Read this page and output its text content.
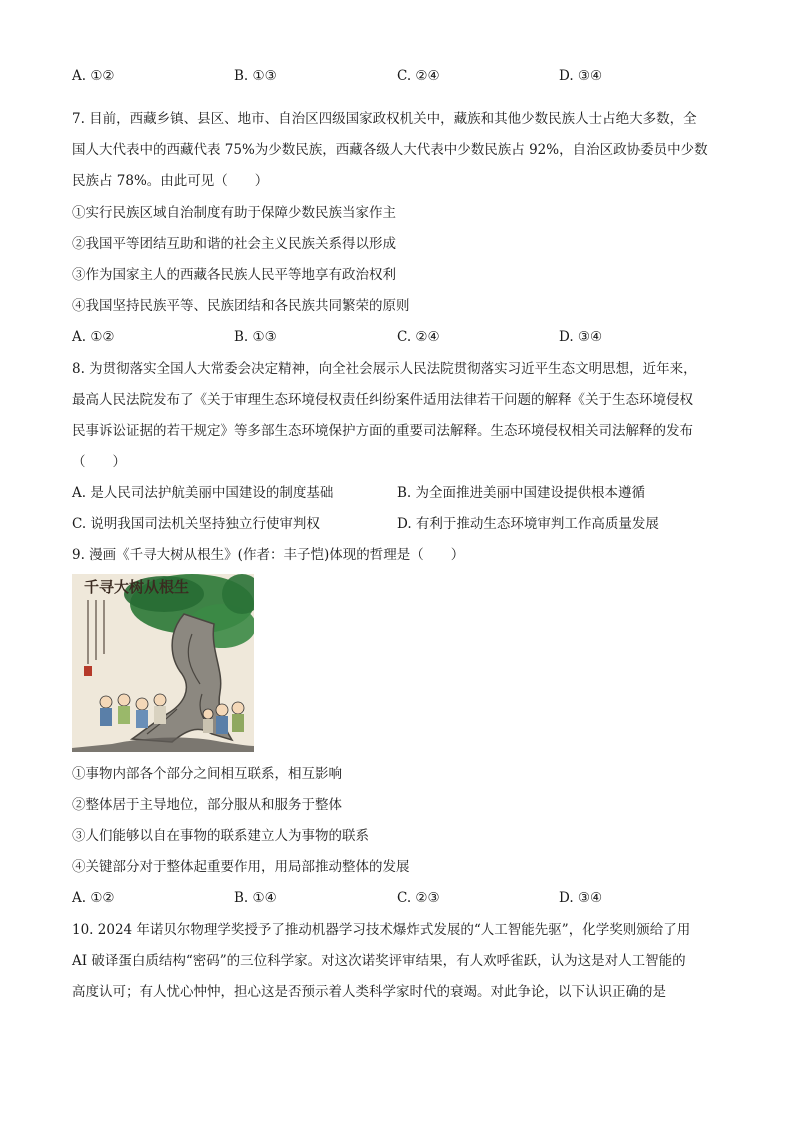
A. ①②	B. ①③	C. ②④	D. ③④
7. 目前，西藏乡镇、县区、地市、自治区四级国家政权机关中，藏族和其他少数民族人士占绝大多数，全
国人大代表中的西藏代表 75%为少数民族，西藏各级人大代表中少数民族占 92%，自治区政协委员中少数
民族占 78%。由此可见（　　）
①实行民族区域自治制度有助于保障少数民族当家作主
②我国平等团结互助和谐的社会主义民族关系得以形成
③作为国家主人的西藏各民族人民平等地享有政治权利
④我国坚持民族平等、民族团结和各民族共同繁荣的原则
A. ①②	B. ①③	C. ②④	D. ③④
8. 为贯彻落实全国人大常委会决定精神，向全社会展示人民法院贯彻落实习近平生态文明思想，近年来，
最高人民法院发布了《关于审理生态环境侵权责任纠纷案件适用法律若干问题的解释《关于生态环境侵权
民事诉讼证据的若干规定》等多部生态环境保护方面的重要司法解释。生态环境侵权相关司法解释的发布
（　　）
A. 是人民司法护航美丽中国建设的制度基础	B. 为全面推进美丽中国建设提供根本遵循
C. 说明我国司法机关坚持独立行使审判权	D. 有利于推动生态环境审判工作高质量发展
9. 漫画《千寻大树从根生》(作者：丰子恺)体现的哲理是（　　）
千寻大树从根生
①事物内部各个部分之间相互联系，相互影响
②整体居于主导地位，部分服从和服务于整体
③人们能够以自在事物的联系建立人为事物的联系
④关键部分对于整体起重要作用，用局部推动整体的发展
A. ①②	B. ①④	C. ②③	D. ③④
10. 2024 年诺贝尔物理学奖授予了推动机器学习技术爆炸式发展的“人工智能先驱”，化学奖则颁给了用
AI 破译蛋白质结构“密码”的三位科学家。对这次诺奖评审结果，有人欢呼雀跃，认为这是对人工智能的
高度认可；有人忧心忡忡，担心这是否预示着人类科学家时代的衰竭。对此争论，以下认识正确的是
